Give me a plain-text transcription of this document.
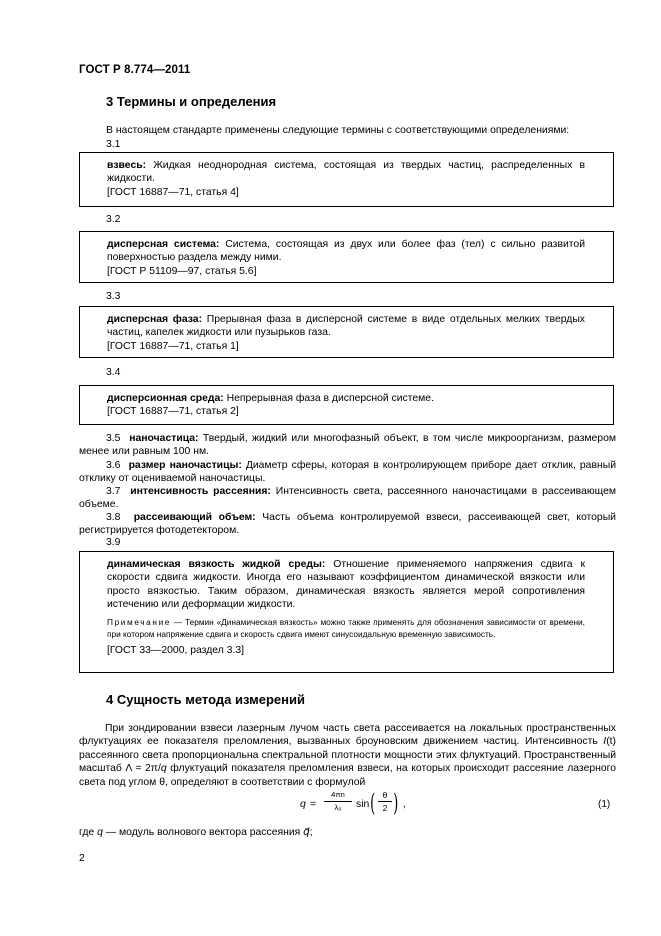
ГОСТ Р 8.774—2011
3 Термины и определения

В настоящем стандарте применены следующие термины с соответствующими определениями:

3.1

взвесь: Жидкая неоднородная система, состоящая из твердых частиц, распределенных в жидкости.

[ГОСТ 16887—71, статья 4]

3.2

дисперсная система: Система, состоящая из двух или более фаз (тел) с сильно развитой поверхностью раздела между ними.

[ГОСТ Р 51109—97, статья 5.6]

3.3

дисперсная фаза: Прерывная фаза в дисперсной системе в виде отдельных мелких твердых частиц, капелек жидкости или пузырьков газа.

[ГОСТ 16887—71, статья 1]

3.4

дисперсионная среда: Непрерывная фаза в дисперсной системе.

[ГОСТ 16887—71, статья 2]

3.5 наночастица: Твердый, жидкий или многофазный объект, в том числе микроорганизм, размером менее или равным 100 нм.

3.6 размер наночастицы: Диаметр сферы, которая в контролирующем приборе дает отклик, равный отклику от оцениваемой наночастицы.

3.7 интенсивность рассеяния: Интенсивность света, рассеянного наночастицами в рассеивающем объеме.

3.8 рассеивающий объем: Часть объема контролируемой взвеси, рассеивающей свет, который регистрируется фотодетектором.

3.9

динамическая вязкость жидкой среды: Отношение применяемого напряжения сдвига к скорости сдвига жидкости. Иногда его называют коэффициентом динамической вязкости или просто вязкостью. Таким образом, динамическая вязкость является мерой сопротивления истечению или деформации жидкости.

Примечание — Термин «Динамическая вязкость» можно также применять для обозначения зависимости от времени, при котором напряжение сдвига и скорость сдвига имеют синусоидальную временную зависимость.

[ГОСТ 33—2000, раздел 3.3]

4 Сущность метода измерений

При зондировании взвеси лазерным лучом часть света рассеивается на локальных пространственных флуктуациях ее показателя преломления, вызванных броуновским движением частиц. Интенсивность I(t) рассеянного света пропорциональна спектральной плотности мощности этих флуктуаций. Пространственный масштаб Λ = 2π/q флуктуаций показателя преломления взвеси, на которых происходит рассеяние лазерного света под углом θ, определяют в соответствии с формулой

q =
4πn
λ₀	sin ( θ
2 ) ,	(1)

где q — модуль волнового вектора рассеяния q⃗;

2
